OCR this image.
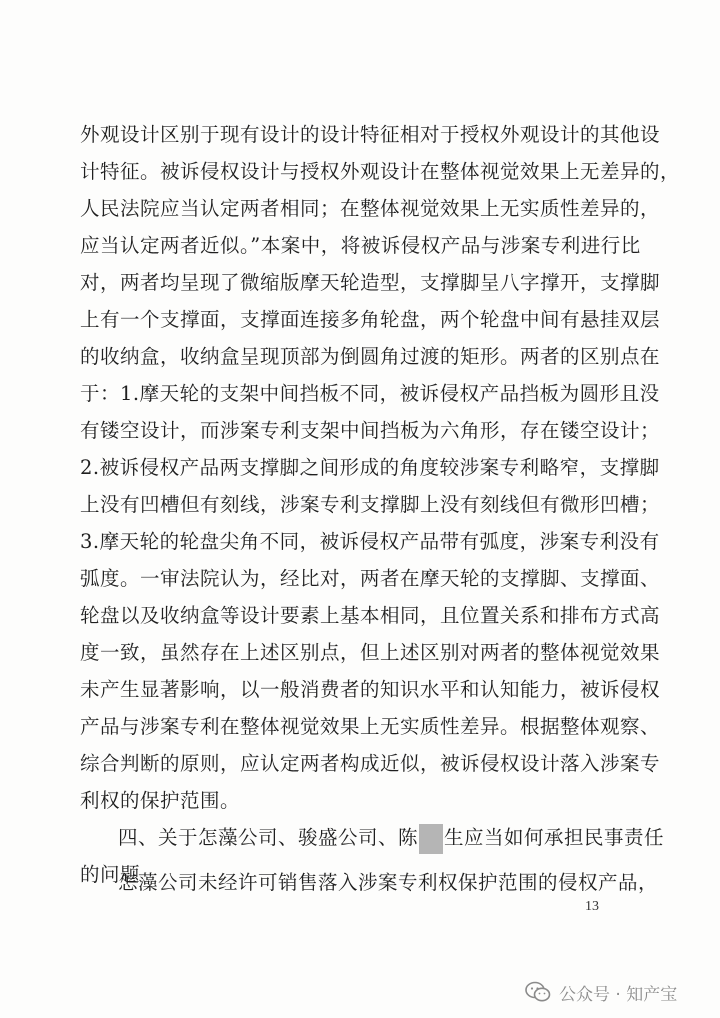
外观设计区别于现有设计的设计特征相对于授权外观设计的其他设
计特征。被诉侵权设计与授权外观设计在整体视觉效果上无差异的，
人民法院应当认定两者相同；在整体视觉效果上无实质性差异的，
应当认定两者近似。”本案中，将被诉侵权产品与涉案专利进行比
对，两者均呈现了微缩版摩天轮造型，支撑脚呈八字撑开，支撑脚
上有一个支撑面，支撑面连接多角轮盘，两个轮盘中间有悬挂双层
的收纳盒，收纳盒呈现顶部为倒圆角过渡的矩形。两者的区别点在
于：1.摩天轮的支架中间挡板不同，被诉侵权产品挡板为圆形且没
有镂空设计，而涉案专利支架中间挡板为六角形，存在镂空设计；
2.被诉侵权产品两支撑脚之间形成的角度较涉案专利略窄，支撑脚
上没有凹槽但有刻线，涉案专利支撑脚上没有刻线但有微形凹槽；
3.摩天轮的轮盘尖角不同，被诉侵权产品带有弧度，涉案专利没有
弧度。一审法院认为，经比对，两者在摩天轮的支撑脚、支撑面、
轮盘以及收纳盒等设计要素上基本相同，且位置关系和排布方式高
度一致，虽然存在上述区别点，但上述区别对两者的整体视觉效果
未产生显著影响，以一般消费者的知识水平和认知能力，被诉侵权
产品与涉案专利在整体视觉效果上无实质性差异。根据整体观察、
综合判断的原则，应认定两者构成近似，被诉侵权设计落入涉案专
利权的保护范围。
四、关于怎藻公司、骏盛公司、陈 生应当如何承担民事责任
的问题
怎藻公司未经许可销售落入涉案专利权保护范围的侵权产品，
13
公众号 · 知产宝
